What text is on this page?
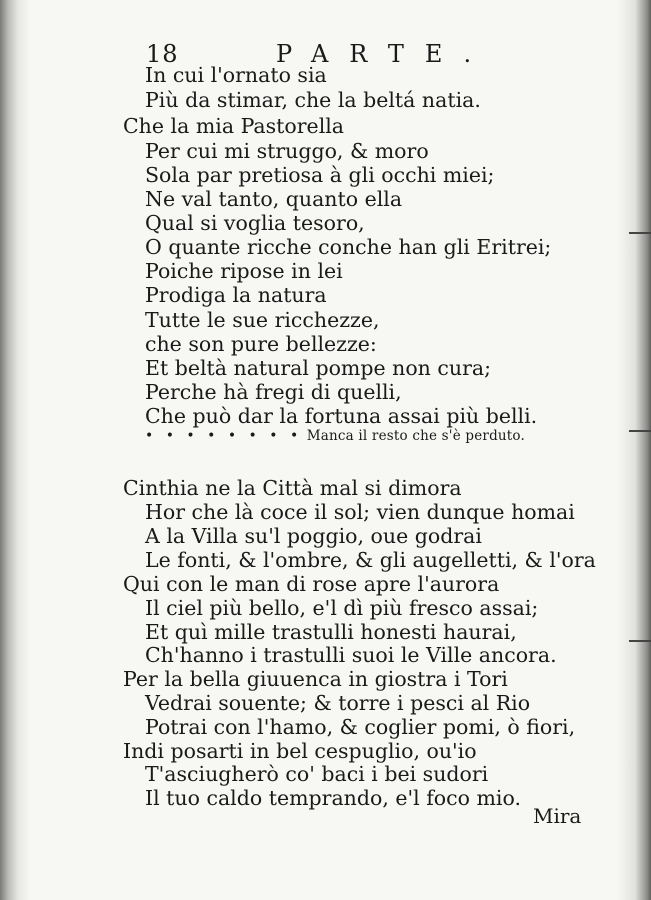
18	PARTE.
In cui l'ornato sia
Più da stimar, che la beltá natia.
Che la mia Pastorella
Per cui mi struggo, & moro
Sola par pretiosa à gli occhi miei;
Ne val tanto, quanto ella
Qual si voglia tesoro,
O quante ricche conche han gli Eritrei;
Poiche ripose in lei
Prodiga la natura
Tutte le sue ricchezze,
che son pure bellezze:
Et beltà natural pompe non cura;
Perche hà fregi di quelli,
Che può dar la fortuna assai più belli.
• • • • • • • • Manca il resto che s'è perduto.
Cinthia ne la Città mal si dimora
Hor che là coce il sol; vien dunque homai
A la Villa su'l poggio, oue godrai
Le fonti, & l'ombre, & gli augelletti, & l'ora
Qui con le man di rose apre l'aurora
Il ciel più bello, e'l dì più fresco assai;
Et quì mille trastulli honesti haurai,
Ch'hanno i trastulli suoi le Ville ancora.
Per la bella giuuenca in giostra i Tori
Vedrai souente; & torre i pesci al Rio
Potrai con l'hamo, & coglier pomi, ò fiori,
Indi posarti in bel cespuglio, ou'io
T'asciugherò co' baci i bei sudori
Il tuo caldo temprando, e'l foco mio.
Mira
